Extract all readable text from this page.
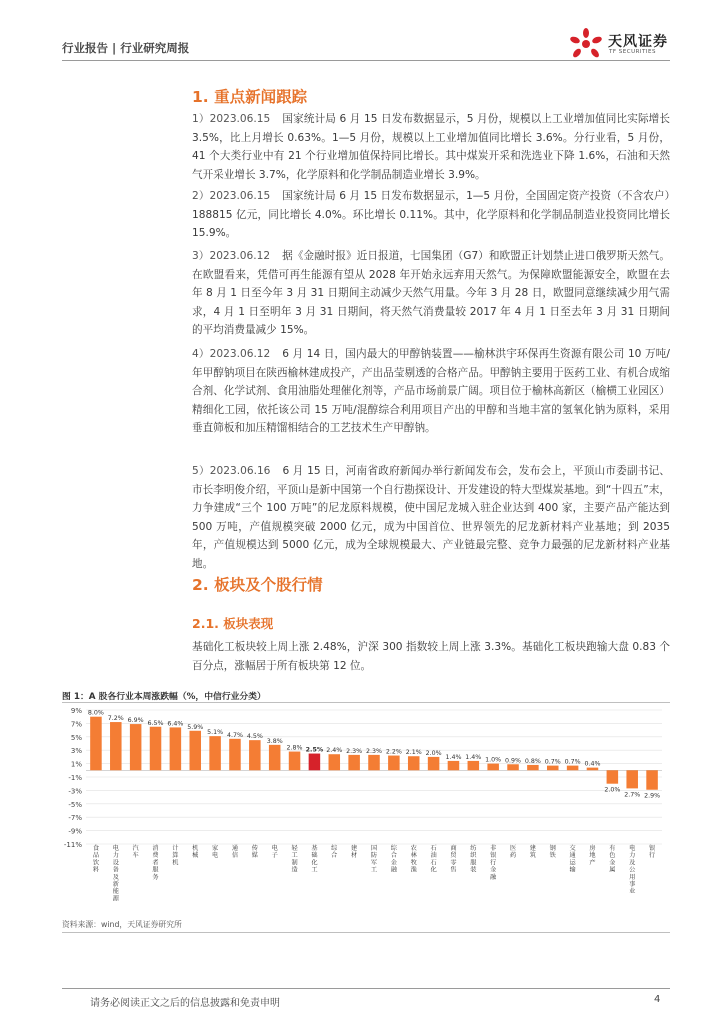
行业报告 | 行业研究周报	天风证券
TF SECURITIES
1. 重点新闻跟踪
1）2023.06.15 国家统计局 6 月 15 日发布数据显示，5 月份，规模以上工业增加值同比实际增长 3.5%，比上月增长 0.63%。1—5 月份，规模以上工业增加值同比增长 3.6%。分行业看，5 月份，41 个大类行业中有 21 个行业增加值保持同比增长。其中煤炭开采和洗选业下降 1.6%，石油和天然气开采业增长 3.7%，化学原料和化学制品制造业增长 3.9%。
2）2023.06.15 国家统计局 6 月 15 日发布数据显示，1—5 月份，全国固定资产投资（不含农户）188815 亿元，同比增长 4.0%。环比增长 0.11%。其中，化学原料和化学制品制造业投资同比增长 15.9%。
3）2023.06.12 据《金融时报》近日报道，七国集团（G7）和欧盟正计划禁止进口俄罗斯天然气。在欧盟看来，凭借可再生能源有望从 2028 年开始永远弃用天然气。为保障欧盟能源安全，欧盟在去年 8 月 1 日至今年 3 月 31 日期间主动减少天然气用量。今年 3 月 28 日，欧盟同意继续减少用气需求，4 月 1 日至明年 3 月 31 日期间，将天然气消费量较 2017 年 4 月 1 日至去年 3 月 31 日期间的平均消费量减少 15%。
4）2023.06.12 6 月 14 日，国内最大的甲醇钠装置——榆林洪宇环保再生资源有限公司 10 万吨/年甲醇钠项目在陕西榆林建成投产，产出品莹剔透的合格产品。甲醇钠主要用于医药工业、有机合成缩合剂、化学试剂、食用油脂处理催化剂等，产品市场前景广阔。项目位于榆林高新区（榆横工业园区）精细化工园，依托该公司 15 万吨/混醇综合利用项目产出的甲醇和当地丰富的氢氧化钠为原料，采用垂直筛板和加压精馏相结合的工艺技术生产甲醇钠。
5）2023.06.16 6 月 15 日，河南省政府新闻办举行新闻发布会，发布会上，平顶山市委副书记、市长李明俊介绍，平顶山是新中国第一个自行勘探设计、开发建设的特大型煤炭基地。到“十四五”末，力争建成“三个 100 万吨”的尼龙原料规模，使中国尼龙城入驻企业达到 400 家，主要产品产能达到 500 万吨，产值规模突破 2000 亿元，成为中国首位、世界领先的尼龙新材料产业基地；到 2035 年，产值规模达到 5000 亿元，成为全球规模最大、产业链最完整、竞争力最强的尼龙新材料产业基地。
2. 板块及个股行情
2.1. 板块表现
基础化工板块较上周上涨 2.48%，沪深 300 指数较上周上涨 3.3%。基础化工板块跑输大盘 0.83 个百分点，涨幅居于所有板块第 12 位。
图 1：A 股各行业本周涨跌幅（%，中信行业分类）
9%
7%
5%
3%
1%
-1%
-3%
-5%
-7%
-9%
-11%
8.0%
食品饮料
7.2%
电力设备及新能源
6.9%
汽车
6.5%
消费者服务
6.4%
计算机
5.9%
机械
5.1%
家电
4.7%
通信
4.5%
传媒
3.8%
电子
2.8%
轻工制造
2.5%
基础化工
2.4%
综合
2.3%
建材
2.3%
国防军工
2.2%
综合金融
2.1%
农林牧渔
2.0%
石油石化
1.4%
商贸零售
1.4%
纺织服装
1.0%
非银行金融
0.9%
医药
0.8%
建筑
0.7%
钢铁
0.7%
交通运输
0.4%
房地产
2.0%
有色金属
2.7%
电力及公用事业
2.9%
银行
资料来源：wind，天风证券研究所
请务必阅读正文之后的信息披露和免责申明	4
